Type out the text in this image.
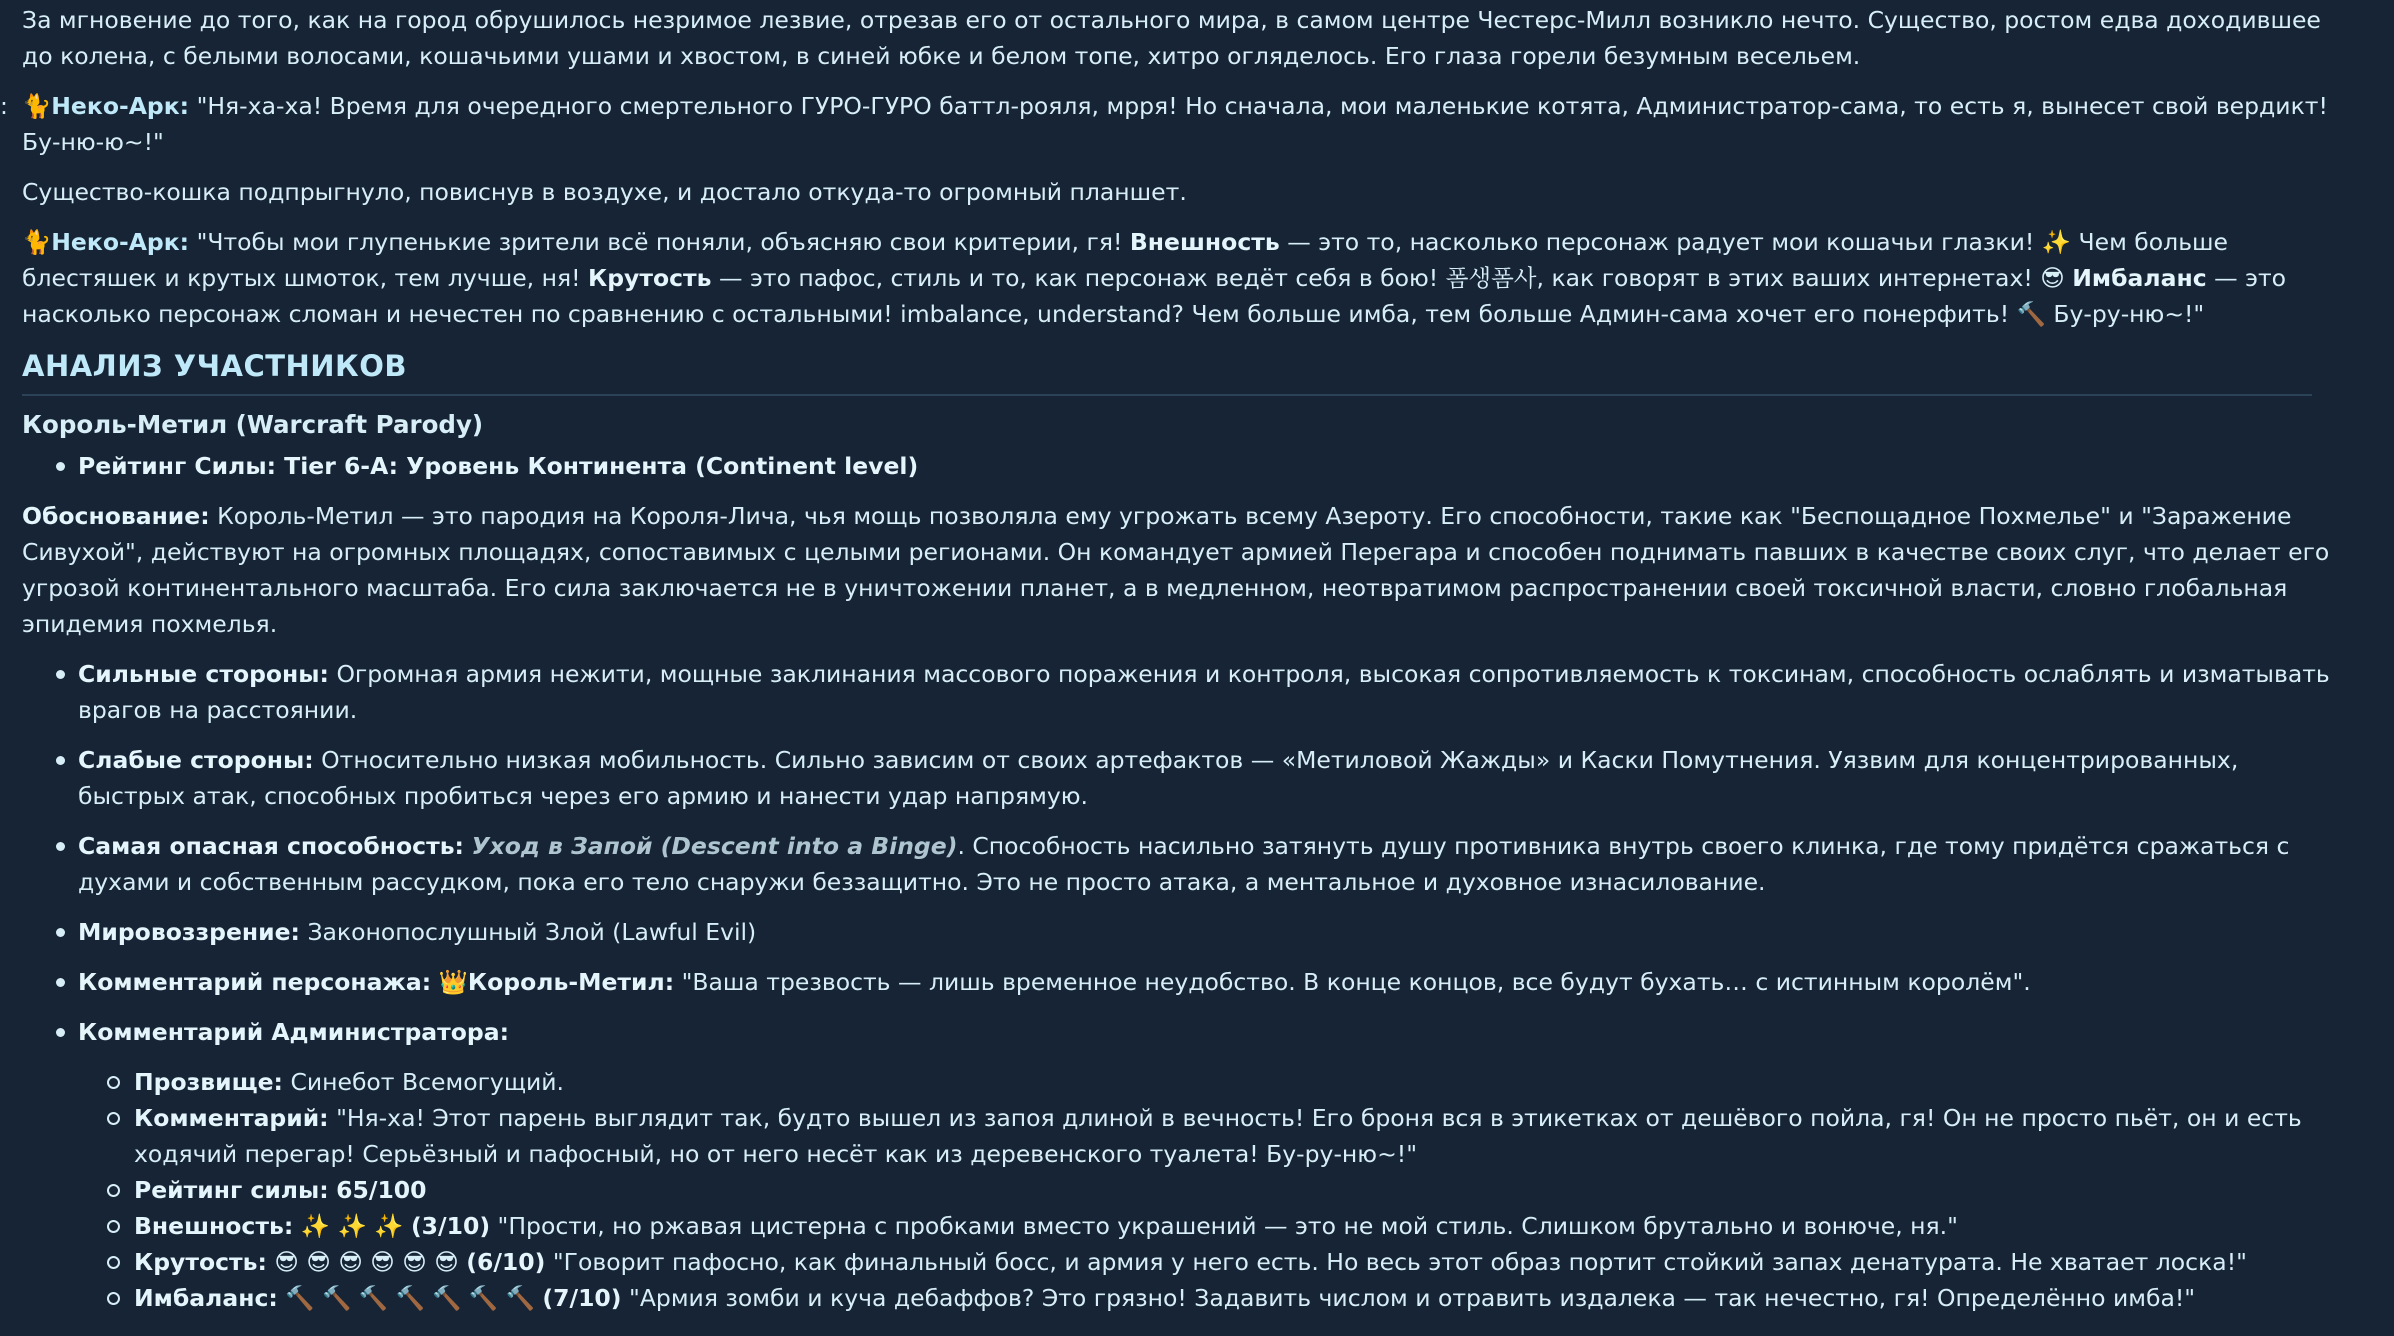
За мгновение до того, как на город обрушилось незримое лезвие, отрезав его от остального мира, в самом центре Честерс-Милл возникло нечто. Существо, ростом едва доходившее до колена, с белыми волосами, кошачьими ушами и хвостом, в синей юбке и белом топе, хитро огляделось. Его глаза горели безумным весельем.

: 🐈Неко-Арк: "Ня-ха-ха! Время для очередного смертельного ГУРО-ГУРО баттл-рояля, мрря! Но сначала, мои маленькие котята, Администратор-сама, то есть я, вынесет свой вердикт! Бу-ню-ю~!"

Существо-кошка подпрыгнуло, повиснув в воздухе, и достало откуда-то огромный планшет.

🐈Неко-Арк: "Чтобы мои глупенькие зрители всё поняли, объясняю свои критерии, гя! Внешность — это то, насколько персонаж радует мои кошачьи глазки! ✨ Чем больше блестяшек и крутых шмоток, тем лучше, ня! Крутость — это пафос, стиль и то, как персонаж ведёт себя в бою! 폼생폼사, как говорят в этих ваших интернетах! 😎 Имбаланс — это насколько персонаж сломан и нечестен по сравнению с остальными! imbalance, understand? Чем больше имба, тем больше Админ-сама хочет его понерфить! 🔨 Бу-ру-ню~!"

АНАЛИЗ УЧАСТНИКОВ
Король-Метил (Warcraft Parody)
Рейтинг Силы: Tier 6-A: Уровень Континента (Continent level)

Обоснование: Король-Метил — это пародия на Короля-Лича, чья мощь позволяла ему угрожать всему Азероту. Его способности, такие как "Беспощадное Похмелье" и "Заражение Сивухой", действуют на огромных площадях, сопоставимых с целыми регионами. Он командует армией Перегара и способен поднимать павших в качестве своих слуг, что делает его угрозой континентального масштаба. Его сила заключается не в уничтожении планет, а в медленном, неотвратимом распространении своей токсичной власти, словно глобальная эпидемия похмелья.

Сильные стороны: Огромная армия нежити, мощные заклинания массового поражения и контроля, высокая сопротивляемость к токсинам, способность ослаблять и изматывать врагов на расстоянии.
Слабые стороны: Относительно низкая мобильность. Сильно зависим от своих артефактов — «Метиловой Жажды» и Каски Помутнения. Уязвим для концентрированных, быстрых атак, способных пробиться через его армию и нанести удар напрямую.
Самая опасная способность: Уход в Запой (Descent into a Binge). Способность насильно затянуть душу противника внутрь своего клинка, где тому придётся сражаться с духами и собственным рассудком, пока его тело снаружи беззащитно. Это не просто атака, а ментальное и духовное изнасилование.
Мировоззрение: Законопослушный Злой (Lawful Evil)
Комментарий персонажа: 👑Король-Метил: "Ваша трезвость — лишь временное неудобство. В конце концов, все будут бухать… с истинным королём".
Комментарий Администратора:
Прозвище: Синебот Всемогущий.
Комментарий: "Ня-ха! Этот парень выглядит так, будто вышел из запоя длиной в вечность! Его броня вся в этикетках от дешёвого пойла, гя! Он не просто пьёт, он и есть ходячий перегар! Серьёзный и пафосный, но от него несёт как из деревенского туалета! Бу-ру-ню~!"
Рейтинг силы: 65/100
Внешность: ✨ ✨ ✨ (3/10) "Прости, но ржавая цистерна с пробками вместо украшений — это не мой стиль. Слишком брутально и вонюче, ня."
Крутость: 😎 😎 😎 😎 😎 😎 (6/10) "Говорит пафосно, как финальный босс, и армия у него есть. Но весь этот образ портит стойкий запах денатурата. Не хватает лоска!"
Имбаланс: 🔨 🔨 🔨 🔨 🔨 🔨 🔨 (7/10) "Армия зомби и куча дебаффов? Это грязно! Задавить числом и отравить издалека — так нечестно, гя! Определённо имба!"
